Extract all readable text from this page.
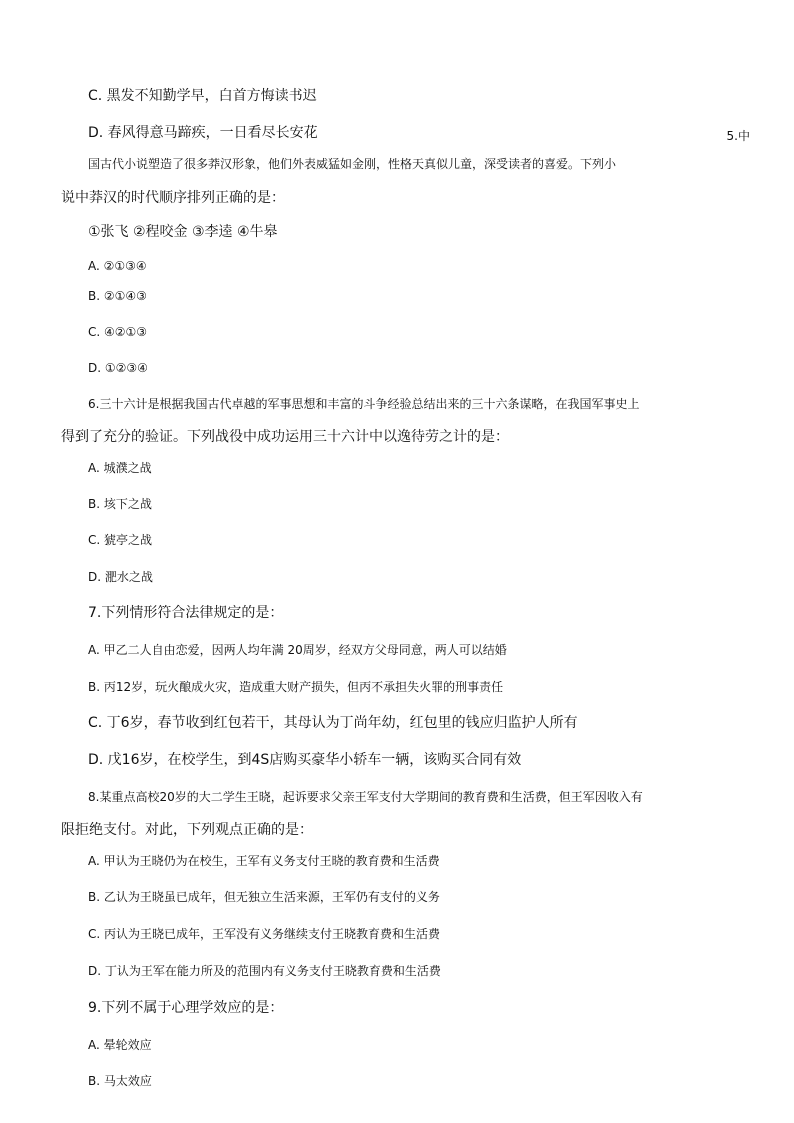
C. 黑发不知勤学早，白首方悔读书迟
D. 春风得意马蹄疾，一日看尽长安花	5.中
国古代小说塑造了很多莽汉形象，他们外表威猛如金刚，性格天真似儿童，深受读者的喜爱。下列小
说中莽汉的时代顺序排列正确的是：
①张飞 ②程咬金 ③李逵 ④牛皋
A. ②①③④
B. ②①④③
C. ④②①③
D. ①②③④
6.三十六计是根据我国古代卓越的军事思想和丰富的斗争经验总结出来的三十六条谋略，在我国军事史上
得到了充分的验证。下列战役中成功运用三十六计中以逸待劳之计的是：
A. 城濮之战
B. 垓下之战
C. 猇亭之战
D. 淝水之战
7.下列情形符合法律规定的是：
A. 甲乙二人自由恋爱，因两人均年满 20周岁，经双方父母同意，两人可以结婚
B. 丙12岁，玩火酿成火灾，造成重大财产损失，但丙不承担失火罪的刑事责任
C. 丁6岁，春节收到红包若干，其母认为丁尚年幼，红包里的钱应归监护人所有
D. 戊16岁，在校学生，到4S店购买豪华小轿车一辆，该购买合同有效
8.某重点高校20岁的大二学生王晓，起诉要求父亲王军支付大学期间的教育费和生活费，但王军因收入有
限拒绝支付。对此，下列观点正确的是：
A. 甲认为王晓仍为在校生，王军有义务支付王晓的教育费和生活费
B. 乙认为王晓虽已成年，但无独立生活来源，王军仍有支付的义务
C. 丙认为王晓已成年，王军没有义务继续支付王晓教育费和生活费
D. 丁认为王军在能力所及的范围内有义务支付王晓教育费和生活费
9.下列不属于心理学效应的是：
A. 晕轮效应
B. 马太效应
